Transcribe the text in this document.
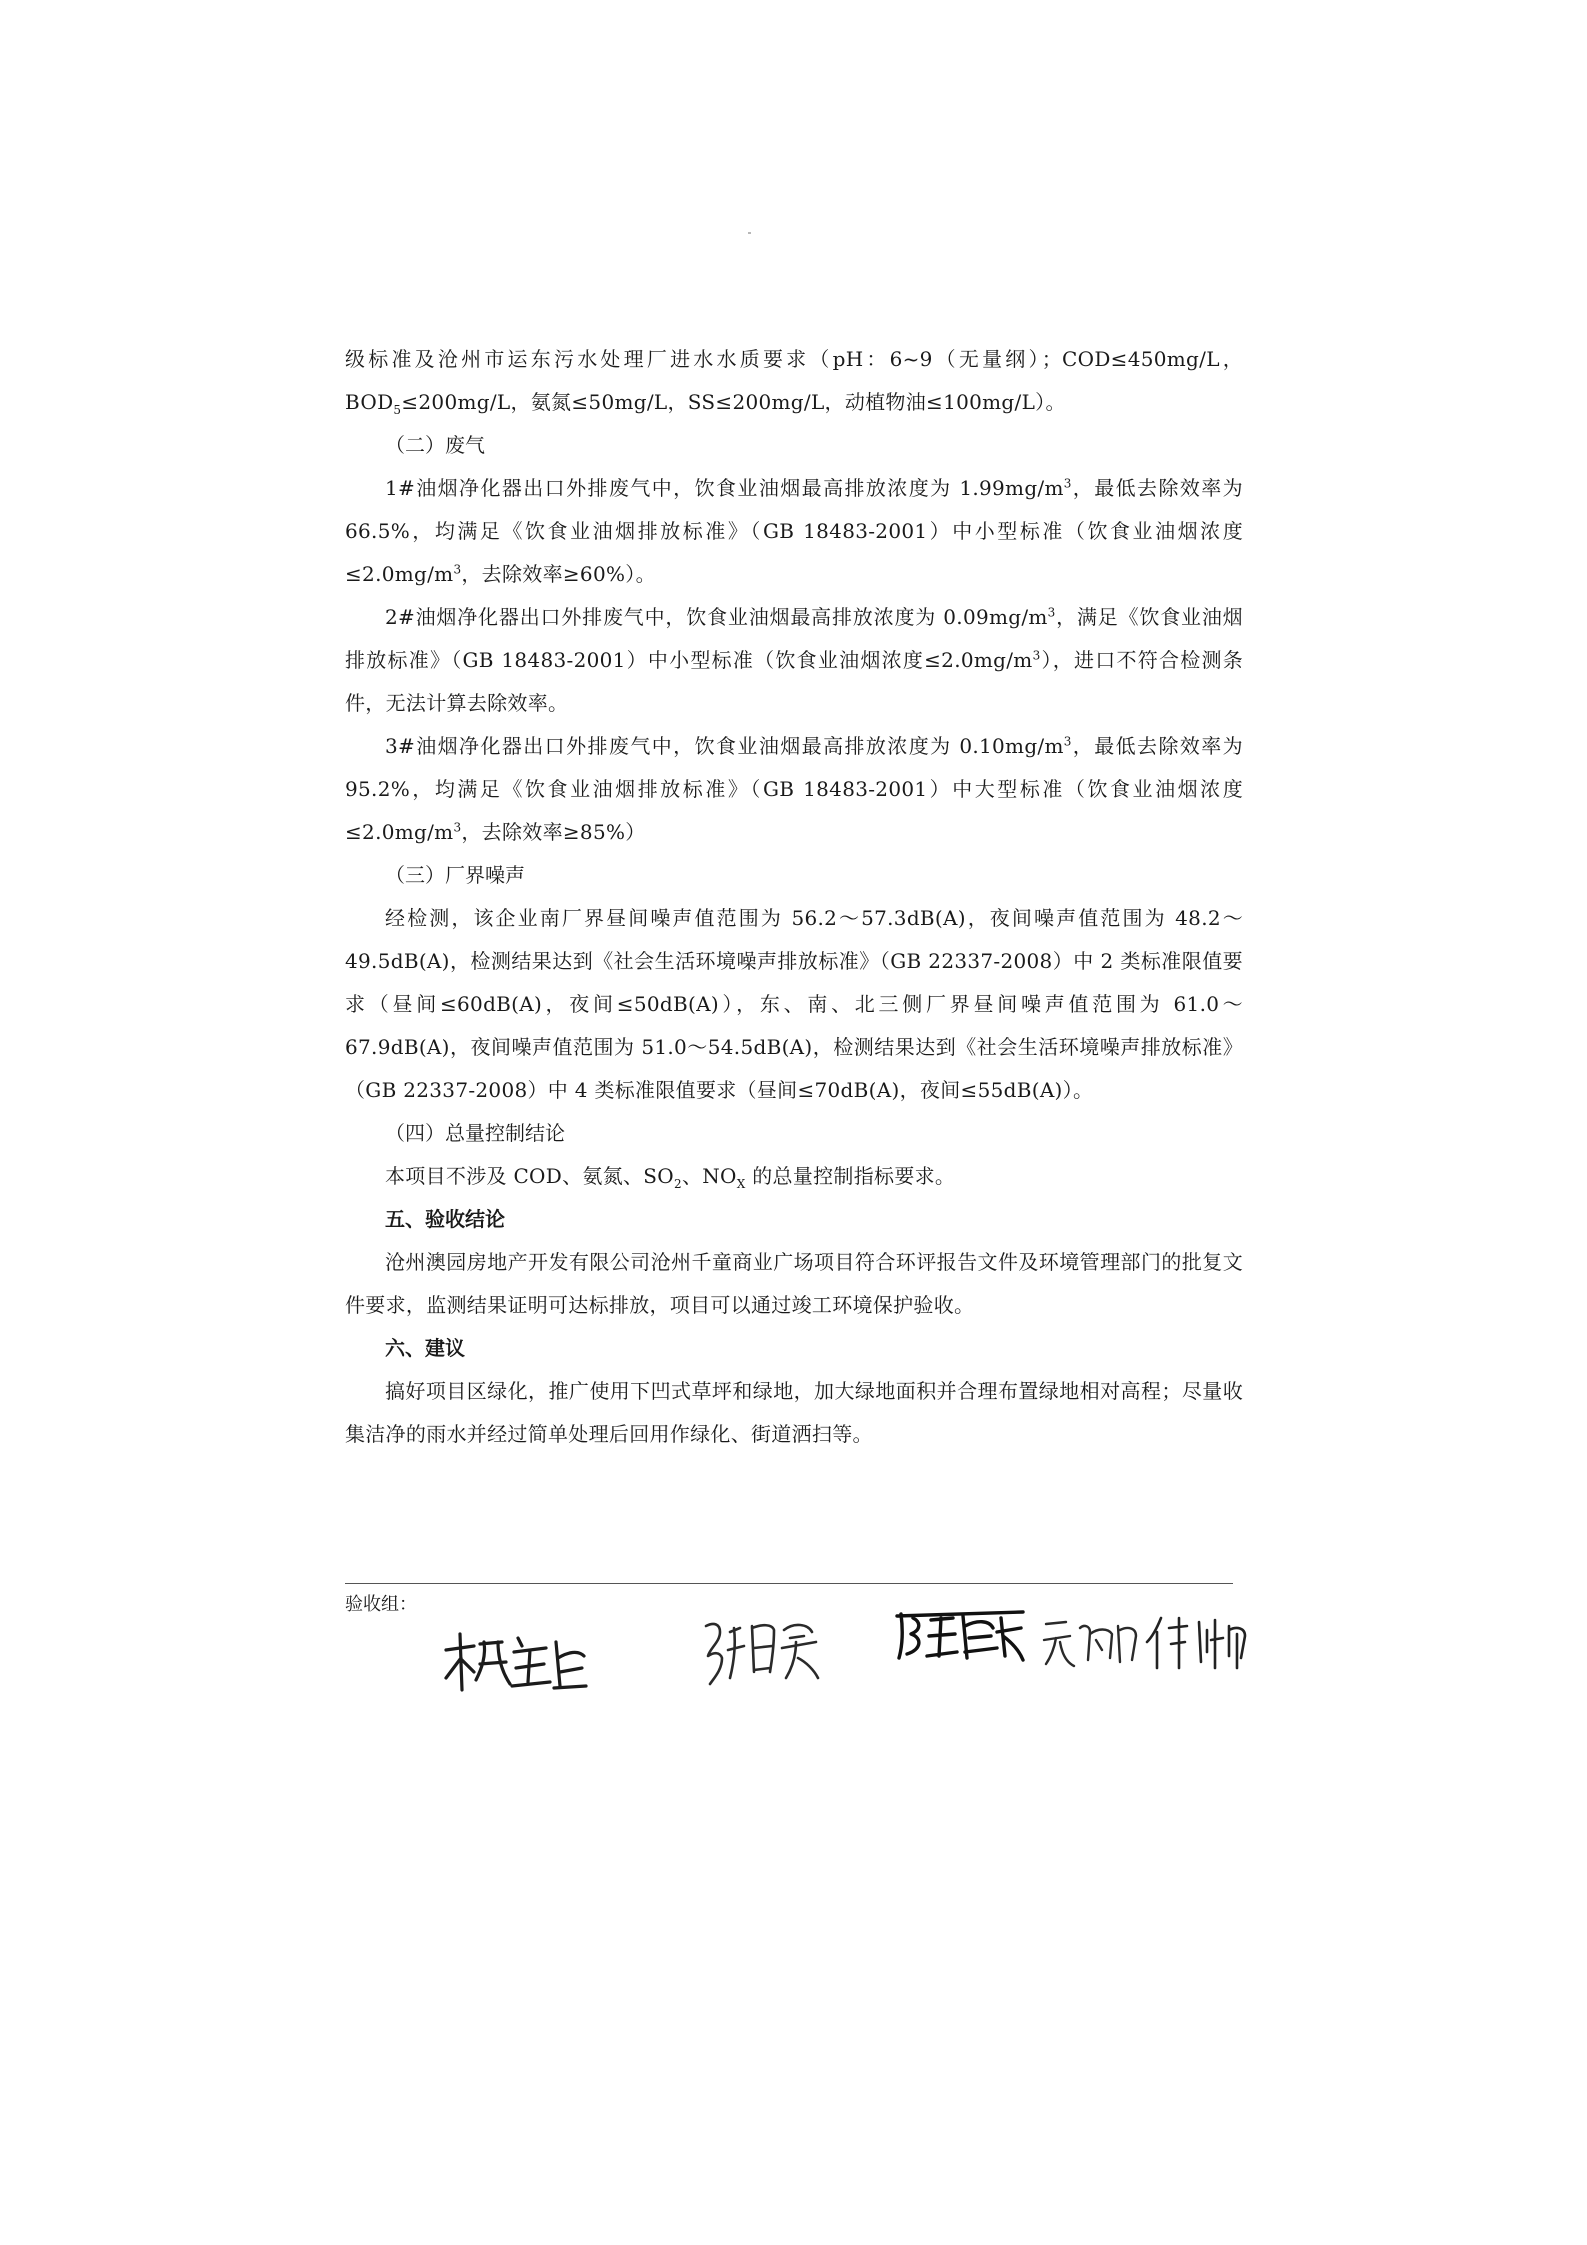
级标准及沧州市运东污水处理厂进水水质要求（pH：6~9（无量纲）；COD≤450mg/L，$BOD_5\le 200mg/L$，氨氮≤50mg/L，SS≤200mg/L，动植物油≤100mg/L）。

（二）废气

1#油烟净化器出口外排废气中，饮食业油烟最高排放浓度为 $1.99mg/m^3$，最低去除效率为 66.5%，均满足《饮食业油烟排放标准》（GB 18483-2001）中小型标准（饮食业油烟浓度$\le 2.0mg/m^3$，去除效率≥60%）。

2#油烟净化器出口外排废气中，饮食业油烟最高排放浓度为 $0.09mg/m^3$，满足《饮食业油烟排放标准》（GB 18483-2001）中小型标准（饮食业油烟浓度$\le 2.0mg/m^3$），进口不符合检测条件，无法计算去除效率。

3#油烟净化器出口外排废气中，饮食业油烟最高排放浓度为 $0.10mg/m^3$，最低去除效率为 95.2%，均满足《饮食业油烟排放标准》（GB 18483-2001）中大型标准（饮食业油烟浓度$\le 2.0mg/m^3$，去除效率≥85%）

（三）厂界噪声

经检测，该企业南厂界昼间噪声值范围为 56.2～57.3dB(A)，夜间噪声值范围为 48.2～49.5dB(A)，检测结果达到《社会生活环境噪声排放标准》（GB 22337-2008）中 2 类标准限值要求（昼间≤60dB(A)，夜间≤50dB(A)），东、南、北三侧厂界昼间噪声值范围为 61.0～67.9dB(A)，夜间噪声值范围为 51.0～54.5dB(A)，检测结果达到《社会生活环境噪声排放标准》（GB 22337-2008）中 4 类标准限值要求（昼间≤70dB(A)，夜间≤55dB(A)）。

（四）总量控制结论

本项目不涉及 COD、氨氮、$SO_2$、$NO_X$ 的总量控制指标要求。

五、验收结论

沧州澳园房地产开发有限公司沧州千童商业广场项目符合环评报告文件及环境管理部门的批复文件要求，监测结果证明可达标排放，项目可以通过竣工环境保护验收。

六、建议

搞好项目区绿化，推广使用下凹式草坪和绿地，加大绿地面积并合理布置绿地相对高程；尽量收集洁净的雨水并经过简单处理后回用作绿化、街道洒扫等。

验收组：
